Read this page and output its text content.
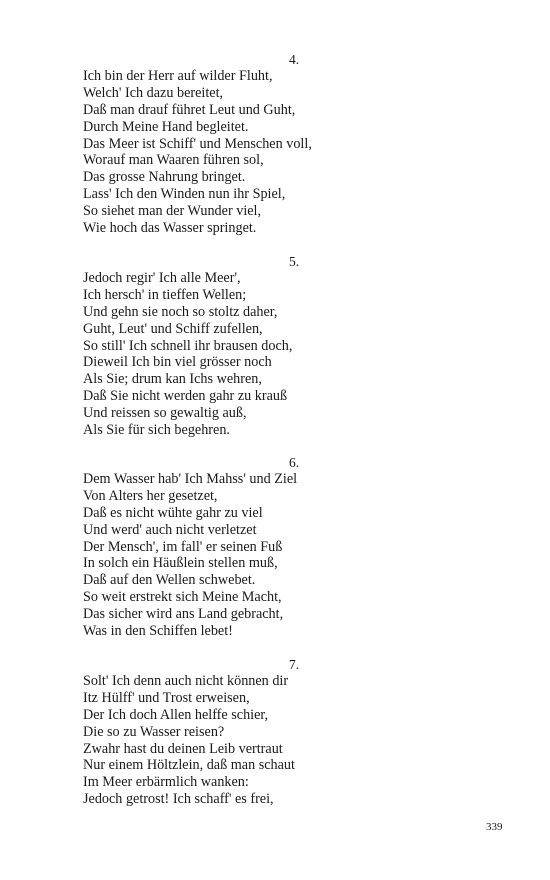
4.
Ich bin der Herr auf wilder Fluht,
Welch' Ich dazu bereitet,
Daß man drauf führet Leut und Guht,
Durch Meine Hand begleitet.
Das Meer ist Schiff' und Menschen voll,
Worauf man Waaren führen sol,
Das grosse Nahrung bringet.
Lass' Ich den Winden nun ihr Spiel,
So siehet man der Wunder viel,
Wie hoch das Wasser springet.
5.
Jedoch regir' Ich alle Meer',
Ich hersch' in tieffen Wellen;
Und gehn sie noch so stoltz daher,
Guht, Leut' und Schiff zufellen,
So still' Ich schnell ihr brausen doch,
Dieweil Ich bin viel grösser noch
Als Sie; drum kan Ichs wehren,
Daß Sie nicht werden gahr zu krauß
Und reissen so gewaltig auß,
Als Sie für sich begehren.
6.
Dem Wasser hab' Ich Mahss' und Ziel
Von Alters her gesetzet,
Daß es nicht wühte gahr zu viel
Und werd' auch nicht verletzet
Der Mensch', im fall' er seinen Fuß
In solch ein Häußlein stellen muß,
Daß auf den Wellen schwebet.
So weit erstrekt sich Meine Macht,
Das sicher wird ans Land gebracht,
Was in den Schiffen lebet!
7.
Solt' Ich denn auch nicht können dir
Itz Hülff' und Trost erweisen,
Der Ich doch Allen helffe schier,
Die so zu Wasser reisen?
Zwahr hast du deinen Leib vertraut
Nur einem Höltzlein, daß man schaut
Im Meer erbärmlich wanken:
Jedoch getrost! Ich schaff' es frei,
339
